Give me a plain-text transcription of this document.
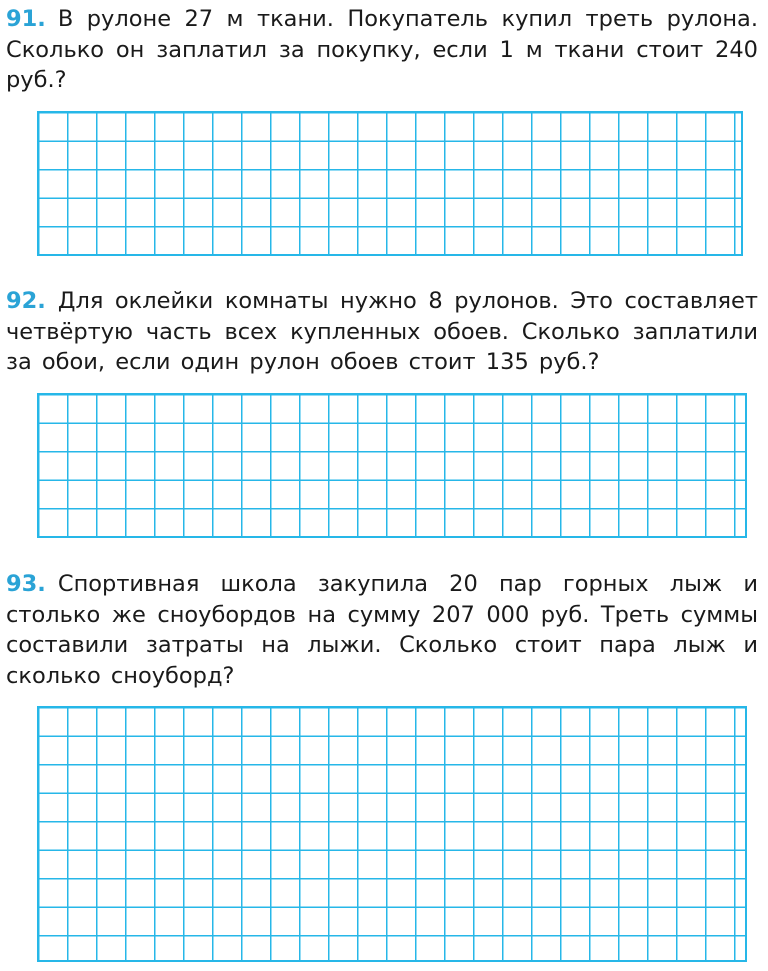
91. В рулоне 27 м ткани. Покупатель купил треть рулона. Сколько он заплатил за покупку, если 1 м ткани стоит 240 руб.?

92. Для оклейки комнаты нужно 8 рулонов. Это составляет четвёртую часть всех купленных обоев. Сколько заплатили за обои, если один рулон обоев стоит 135 руб.?

93. Спортивная школа закупила 20 пар горных лыж и столько же сноубордов на сумму 207 000 руб. Треть суммы составили затраты на лыжи. Сколько стоит пара лыж и сколько сноуборд?
